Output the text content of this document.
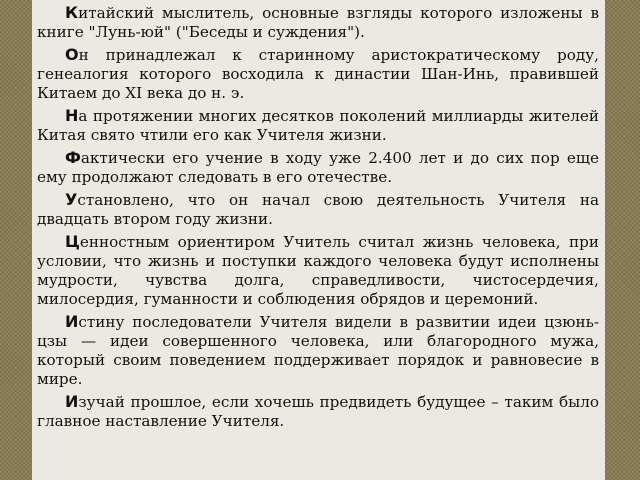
Китайский мыслитель, основные взгляды которого изложены в книге "Лунь-юй" ("Беседы и суждения").

Он принадлежал к старинному аристократическому роду, генеалогия которого восходила к династии Шан-Инь, правившей Китаем до XI века до н. э.

На протяжении многих десятков поколений миллиарды жителей Китая свято чтили его как Учителя жизни.

Фактически его учение в ходу уже 2.400 лет и до сих пор еще ему продолжают следовать в его отечестве.

Установлено, что он начал свою деятельность Учителя на двадцать втором году жизни.

Ценностным ориентиром Учитель считал жизнь человека, при условии, что жизнь и поступки каждого человека будут исполнены мудрости, чувства долга, справедливости, чистосердечия, милосердия, гуманности и соблюдения обрядов и церемоний.

Истину последователи Учителя видели в развитии идеи цзюнь-цзы — идеи совершенного человека, или благородного мужа, который своим поведением поддерживает порядок и равновесие в мире.

Изучай прошлое, если хочешь предвидеть будущее – таким было главное наставление Учителя.
